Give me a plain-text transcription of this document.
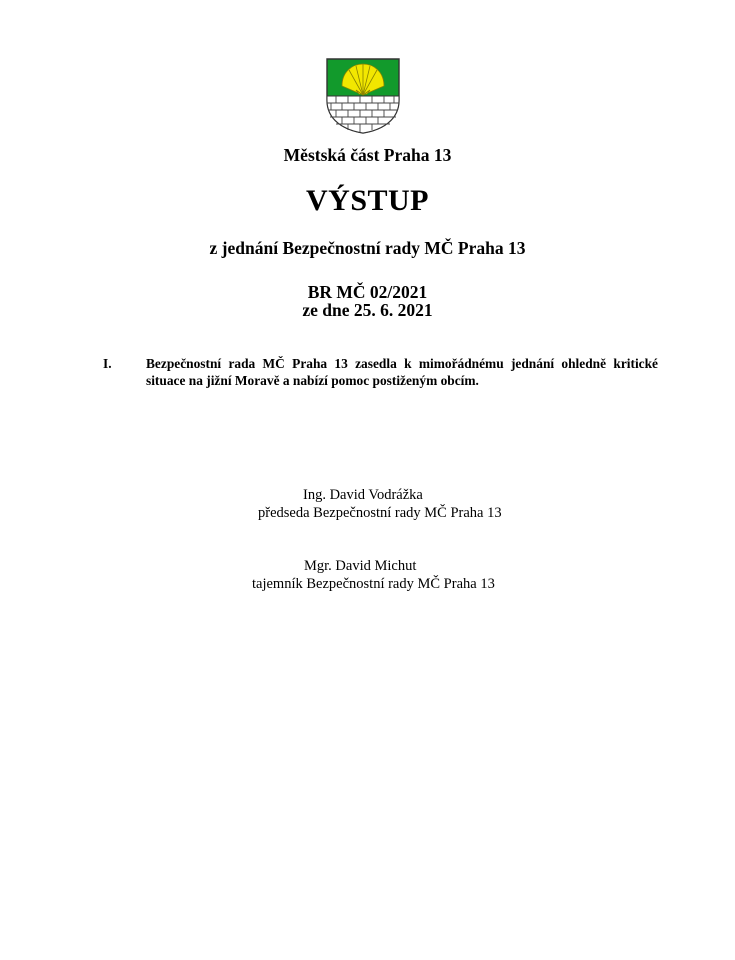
Městská část Praha 13
VÝSTUP
z jednání Bezpečnostní rady MČ Praha 13
BR MČ 02/2021
ze dne 25. 6. 2021
I.	Bezpečnostní rada MČ Praha 13 zasedla k mimořádnému jednání ohledně kritické
situace na jižní Moravě a nabízí pomoc postiženým obcím.
Ing. David Vodrážka
předseda Bezpečnostní rady MČ Praha 13
Mgr. David Michut
tajemník Bezpečnostní rady MČ Praha 13
